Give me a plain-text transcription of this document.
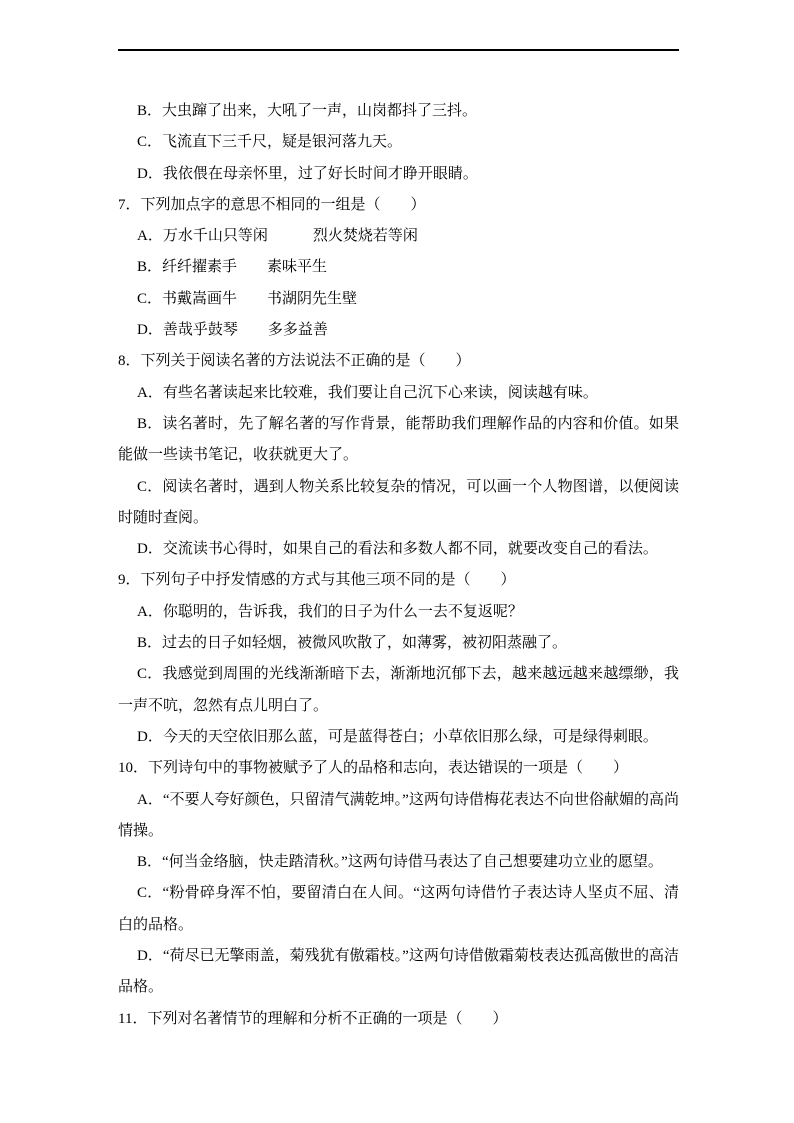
B．大虫蹿了出来，大吼了一声，山岗都抖了三抖。

C．飞流直下三千尺，疑是银河落九天。

D．我依偎在母亲怀里，过了好长时间才睁开眼睛。

7．下列加点字的意思不相同的一组是（　　）

A．万水千山只等闲　　　烈火焚烧若等闲

B．纤纤擢素手　　素味平生

C．书戴嵩画牛　　书湖阴先生壁

D．善哉乎鼓琴　　多多益善

8．下列关于阅读名著的方法说法不正确的是（　　）

A．有些名著读起来比较难，我们要让自己沉下心来读，阅读越有味。

B．读名著时，先了解名著的写作背景，能帮助我们理解作品的内容和价值。如果能做一些读书笔记，收获就更大了。

C．阅读名著时，遇到人物关系比较复杂的情况，可以画一个人物图谱，以便阅读时随时查阅。

D．交流读书心得时，如果自己的看法和多数人都不同，就要改变自己的看法。

9．下列句子中抒发情感的方式与其他三项不同的是（　　）

A．你聪明的，告诉我，我们的日子为什么一去不复返呢？

B．过去的日子如轻烟，被微风吹散了，如薄雾，被初阳蒸融了。

C．我感觉到周围的光线渐渐暗下去，渐渐地沉郁下去，越来越远越来越缥缈，我一声不吭，忽然有点儿明白了。

D．今天的天空依旧那么蓝，可是蓝得苍白；小草依旧那么绿，可是绿得刺眼。

10．下列诗句中的事物被赋予了人的品格和志向，表达错误的一项是（　　）

A．“不要人夸好颜色，只留清气满乾坤。”这两句诗借梅花表达不向世俗献媚的高尚情操。

B．“何当金络脑，快走踏清秋。”这两句诗借马表达了自己想要建功立业的愿望。

C．“粉骨碎身浑不怕，要留清白在人间。“这两句诗借竹子表达诗人坚贞不屈、清白的品格。

D．“荷尽已无擎雨盖，菊残犹有傲霜枝。”这两句诗借傲霜菊枝表达孤高傲世的高洁品格。

11．下列对名著情节的理解和分析不正确的一项是（　　）
